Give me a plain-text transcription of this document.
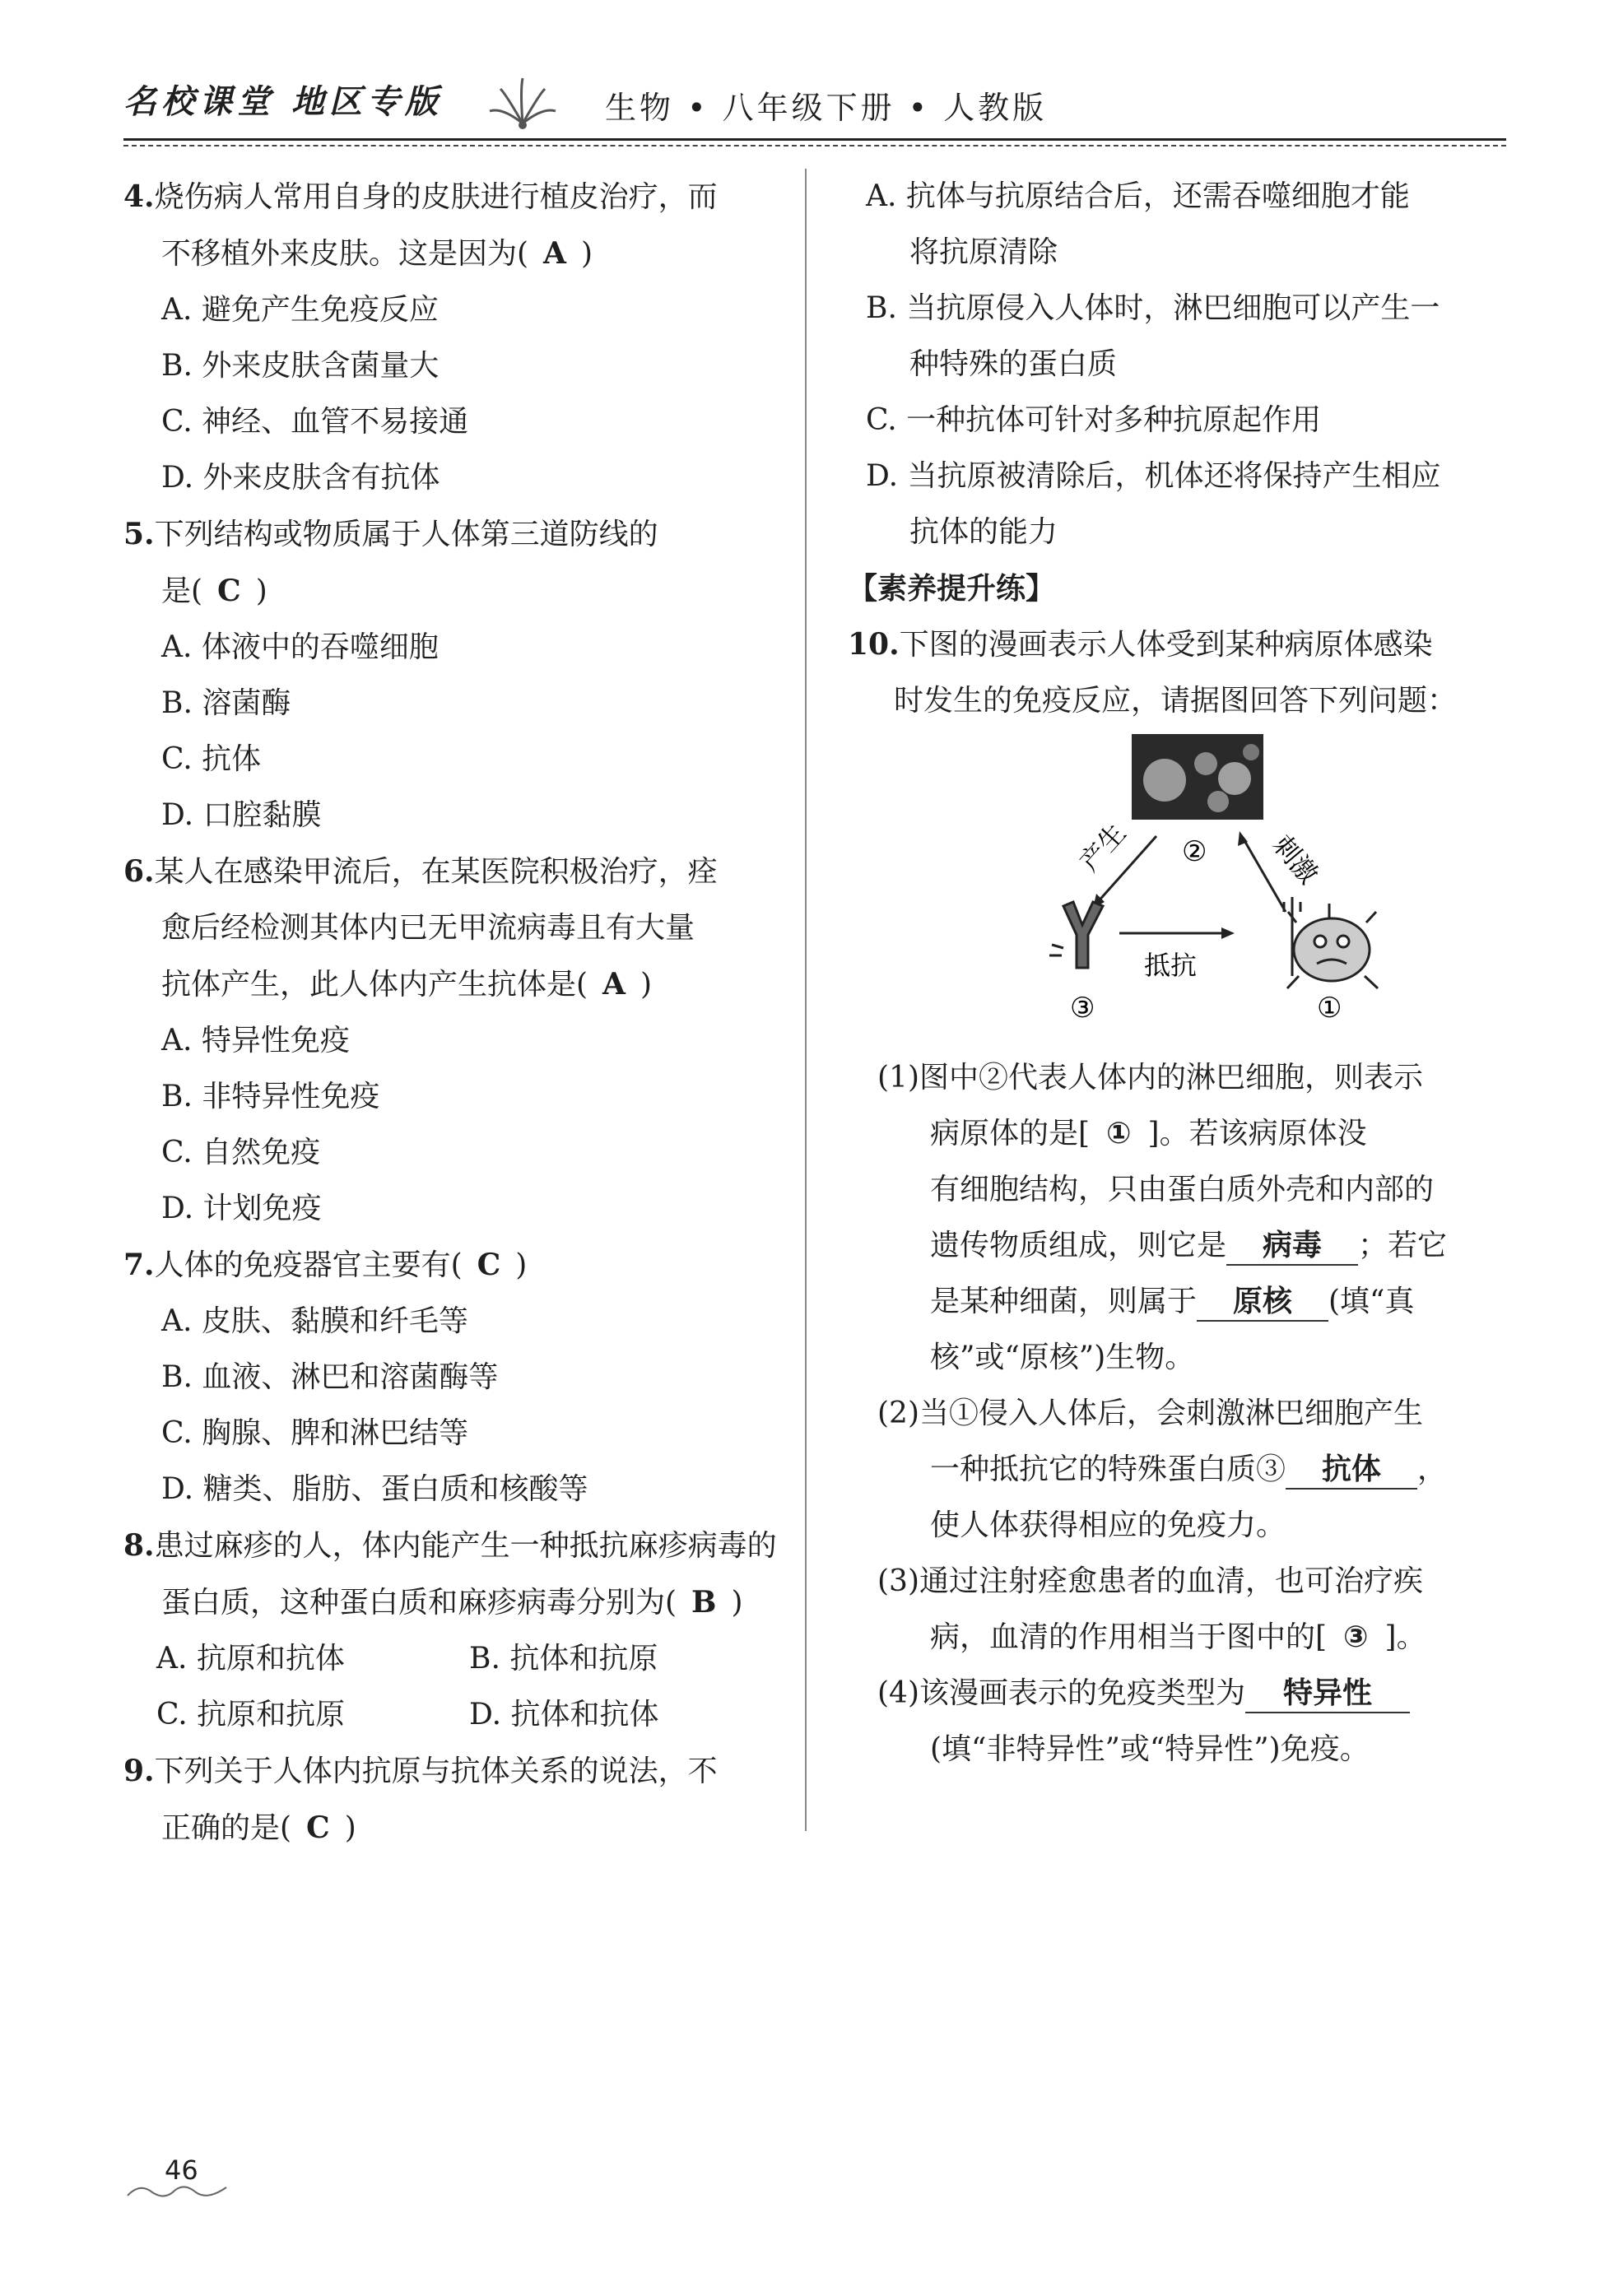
名校课堂 地区专版	生物 • 八年级下册 • 人教版
4.烧伤病人常用自身的皮肤进行植皮治疗，而
不移植外来皮肤。这是因为( A )
A. 避免产生免疫反应
B. 外来皮肤含菌量大
C. 神经、血管不易接通
D. 外来皮肤含有抗体
5.下列结构或物质属于人体第三道防线的
是( C )
A. 体液中的吞噬细胞
B. 溶菌酶
C. 抗体
D. 口腔黏膜
6.某人在感染甲流后，在某医院积极治疗，痊
愈后经检测其体内已无甲流病毒且有大量
抗体产生，此人体内产生抗体是( A )
A. 特异性免疫
B. 非特异性免疫
C. 自然免疫
D. 计划免疫
7.人体的免疫器官主要有( C )
A. 皮肤、黏膜和纤毛等
B. 血液、淋巴和溶菌酶等
C. 胸腺、脾和淋巴结等
D. 糖类、脂肪、蛋白质和核酸等
8.患过麻疹的人，体内能产生一种抵抗麻疹病毒的
蛋白质，这种蛋白质和麻疹病毒分别为( B )
A. 抗原和抗体	B. 抗体和抗原
C. 抗原和抗原	D. 抗体和抗体
9.下列关于人体内抗原与抗体关系的说法，不
正确的是( C )
A. 抗体与抗原结合后，还需吞噬细胞才能
将抗原清除
B. 当抗原侵入人体时，淋巴细胞可以产生一
种特殊的蛋白质
C. 一种抗体可针对多种抗原起作用
D. 当抗原被清除后，机体还将保持产生相应
抗体的能力
【素养提升练】
10.下图的漫画表示人体受到某种病原体感染
时发生的免疫反应，请据图回答下列问题：
产生	刺激
抵抗
②
③	①
(1)图中②代表人体内的淋巴细胞，则表示
病原体的是[ ① ]。若该病原体没
有细胞结构，只由蛋白质外壳和内部的
遗传物质组成，则它是 病毒 ；若它
是某种细菌，则属于 原核 (填“真
核”或“原核”)生物。
(2)当①侵入人体后，会刺激淋巴细胞产生
一种抵抗它的特殊蛋白质③ 抗体 ，
使人体获得相应的免疫力。
(3)通过注射痊愈患者的血清，也可治疗疾
病，血清的作用相当于图中的[ ③ ]。
(4)该漫画表示的免疫类型为 特异性
(填“非特异性”或“特异性”)免疫。
46
